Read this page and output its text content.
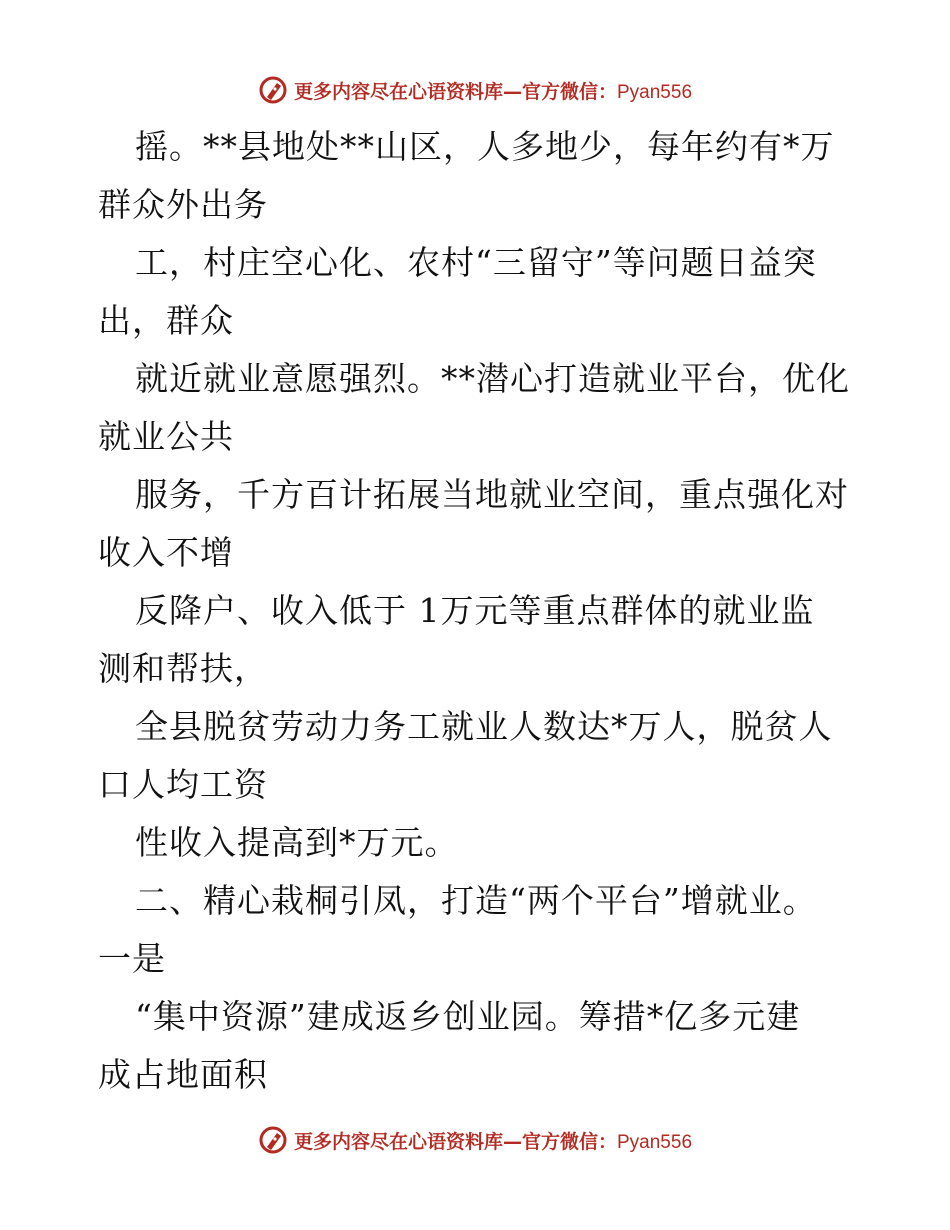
更多内容尽在心语资料库—官方微信：Pyan556
摇。**县地处**山区，人多地少，每年约有*万
群众外出务
工，村庄空心化、农村“三留守”等问题日益突
出，群众
就近就业意愿强烈。**潜心打造就业平台，优化
就业公共
服务，千方百计拓展当地就业空间，重点强化对
收入不增
反降户、收入低于 1万元等重点群体的就业监
测和帮扶，
全县脱贫劳动力务工就业人数达*万人，脱贫人
口人均工资
性收入提高到*万元。
二、精心栽桐引凤，打造“两个平台”增就业。
一是
“集中资源”建成返乡创业园。筹措*亿多元建
成占地面积
更多内容尽在心语资料库—官方微信：Pyan556
